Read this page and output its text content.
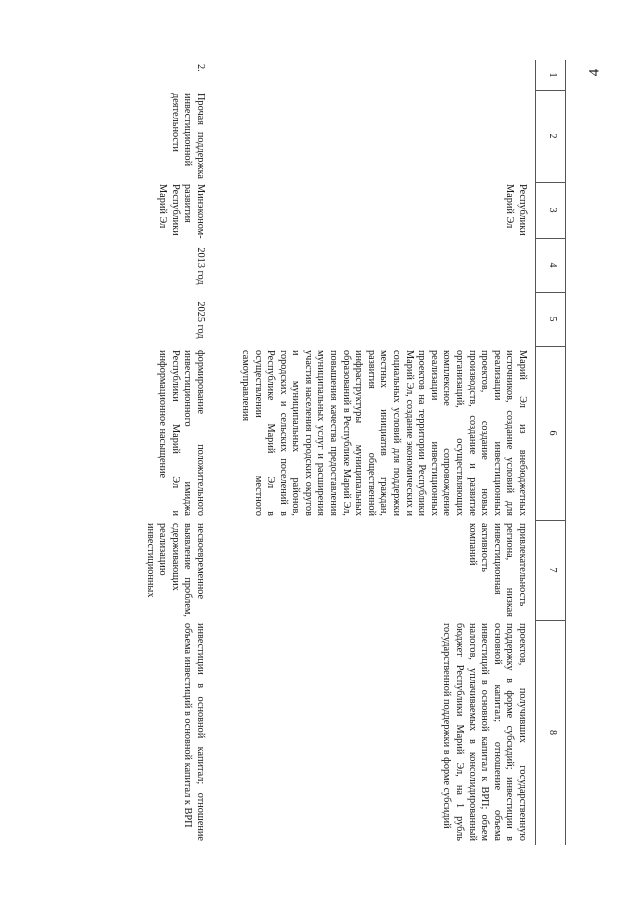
4
1
2
3
4
5
6
7
8
Республики Марий Эл
Марий Эл из внебюджетных источников, создание условий для реализации инвестиционных проектов, создание новых производств, создание и развитие организаций, осуществляющих комплексное сопровождение реализации инвестиционных проектов на территории Республики Марий Эл, создание экономических и социальных условий для поддержки местных инициатив граждан, развития общественной инфраструктуры муниципальных образований в Республике Марий Эл, повышения качества предоставления муниципальных услуг и расширения участия населения городских округов и муниципальных районов, городских и сельских поселений в Республике Марий Эл в осуществлении местного самоуправления
привлекательность региона, низкая инвестиционная активность компаний
проектов, получивших государственную поддержку в форме субсидий; инвестиции в основной капитал; отношение объема инвестиций в основной капитал к ВРП; объем налогов, уплачиваемых в консолидированный бюджет Республики Марий Эл, на 1 рубль государственной поддержки в форме субсидий
2.
Прочая поддержка инвестиционной деятельности
Минэконом-развития Республики Марий Эл
2013 год
2025 год
формирование положительного инвестиционного имиджа Республики Марий Эл и информационное насыщение
несвоевременное выявление проблем, сдерживающих реализацию инвестиционных
инвестиции в основной капитал; отношение объема инвестиций в основной капитал к ВРП
